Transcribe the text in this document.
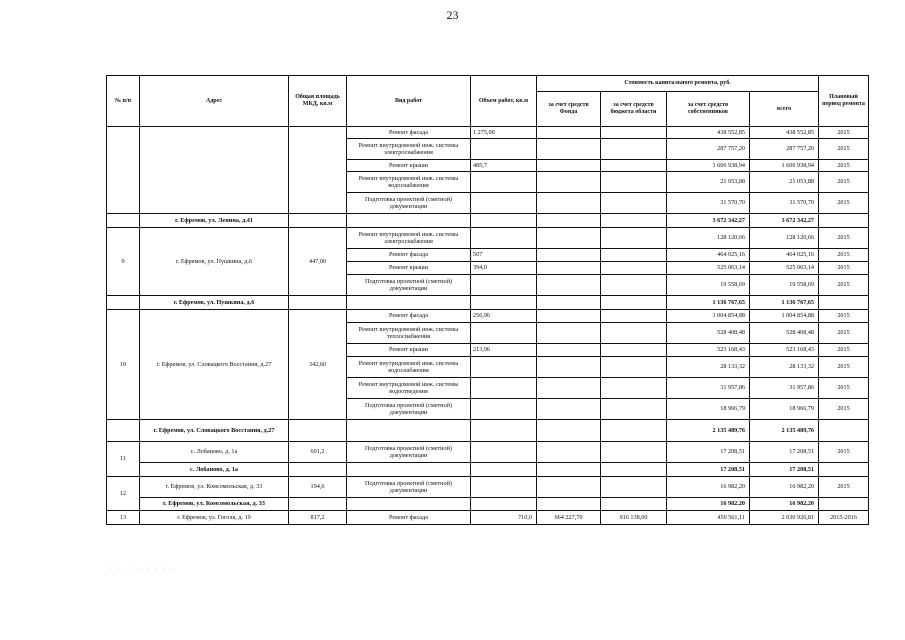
23
№ п/п	Адрес	Общая площадь МКД, кв.м	Вид работ	Объем работ, кв.м	Стоимость капитального ремонта, руб.				Плановый период ремонта
					за счет средств Фонда	за счет средств бюджета области	за счет средств собственников	всего	
			Ремонт фасада	1 275,00			438 552,85	438 552,85	2015
			Ремонт внутридомовой инж. системы электроснабжения				287 757,20	287 757,20	2015
			Ремонт крыши	485,7			1 606 938,94	1 606 938,94	2015
			Ремонт внутридомовой инж. системы водоснабжения				21 053,88	21 053,88	2015
			Подготовка проектной (сметной) документации				31 570,70	31 570,70	2015
	г. Ефремов, ул. Ленина, д.41						3 672 342,27	3 672 342,27	
9	г. Ефремов, ул. Пушкина, д.6	447,00	Ремонт внутридомовой инж. системы электроснабжения				128 120,66	128 120,66	2015
			Ремонт фасада	507			464 025,16	464 025,16	2015
			Ремонт крыши	394,0			525 063,14	525 063,14	2015
			Подготовка проектной (сметной) документации				19 558,69	19 558,69	2015
	г. Ефремов, ул. Пушкина, д.6						1 136 767,65	1 136 767,65	
10	г. Ефремов, ул. Словацкого Восстания, д.27	342,60	Ремонт фасада	256,96			1 004 854,88	1 004 854,88	2015
			Ремонт внутридомовой инж. системы теплоснабжения				528 408,48	528 408,48	2015
			Ремонт крыши	213,96			523 168,43	523 168,43	2015
			Ремонт внутридомовой инж. системы водоснабжения				28 133,32	28 133,32	2015
			Ремонт внутридомовой инж. системы водоотведения				31 957,86	31 957,86	2015
			Подготовка проектной (сметной) документации				18 966,79	18 966,79	2015
	г. Ефремов, ул. Словацкого Восстания, д.27						2 135 489,76	2 135 489,76	
11	с. Лобаново, д. 1а	601,2	Подготовка проектной (сметной) документации				17 208,51	17 208,51	2015
	с. Лобаново, д. 1а						17 208,51	17 208,51	
12	г. Ефремов, ул. Комсомольская, д. 33	194,6	Подготовка проектной (сметной) документации				16 982,20	16 982,20	2015
	г. Ефремов, ул. Комсомольская, д. 33						16 982,20	16 982,20	
13	г. Ефремов, ул. Гоголя, д. 19	817,2	Ремонт фасада	710,0	664 227,70	916 138,00	450 561,11	2 030 926,81	2015-2016
· · · · · · · · ·
